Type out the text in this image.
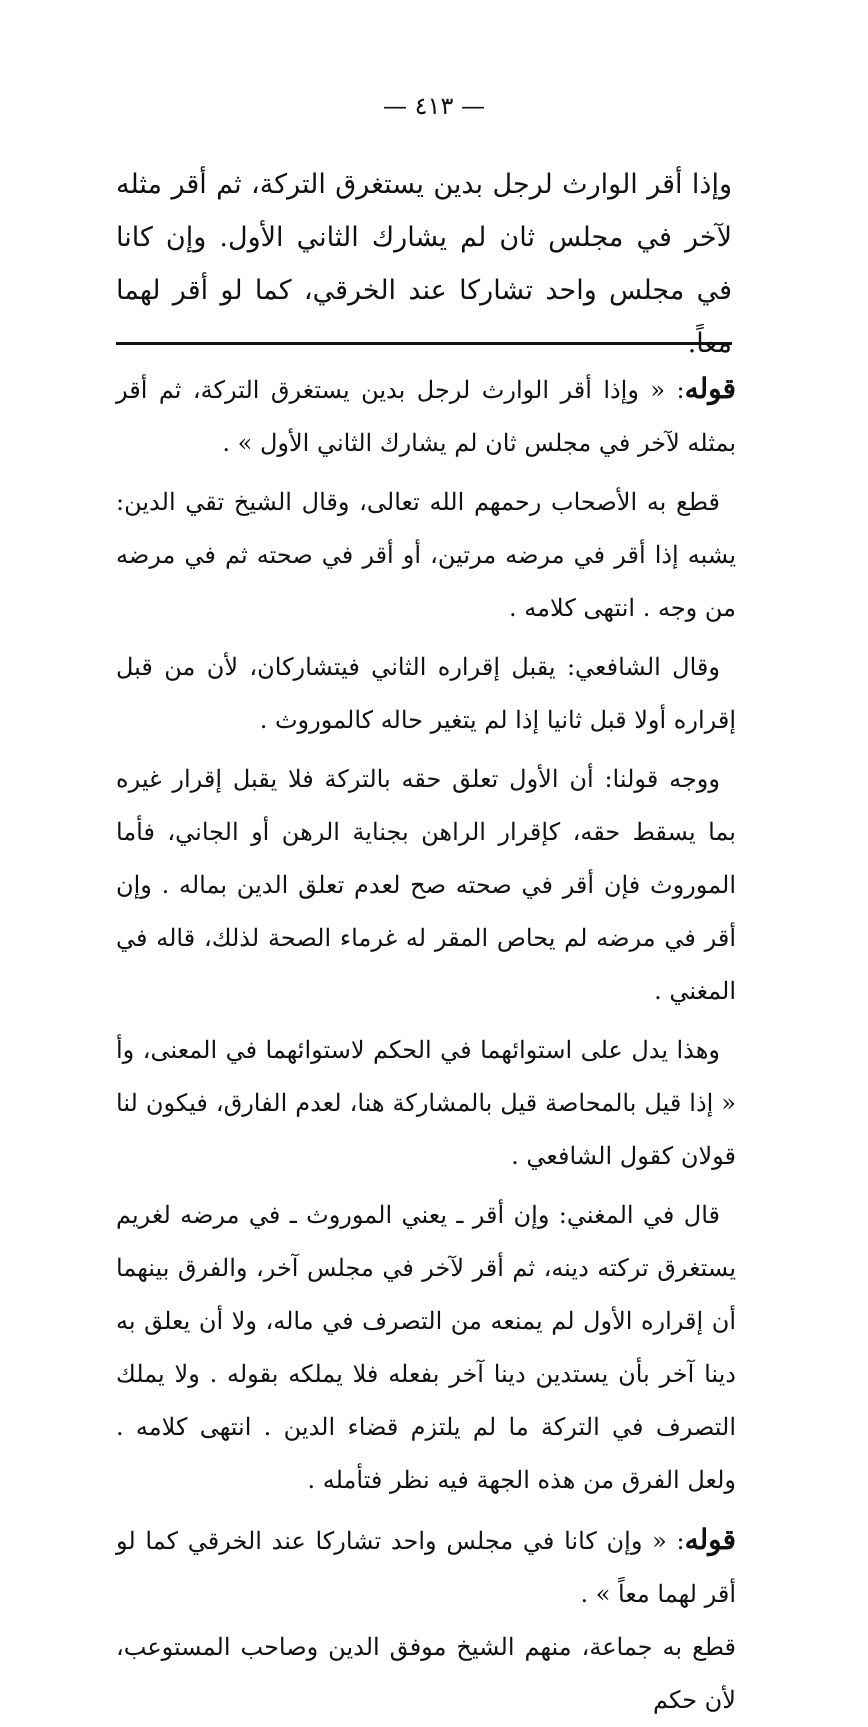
— ٤١٣ —

وإذا أقر الوارث لرجل بدين يستغرق التركة، ثم أقر مثله لآخر في مجلس ثان لم يشارك الثاني الأول. وإن كانا في مجلس واحد تشاركا عند الخرقي، كما لو أقر لهما معاً.

قوله: « وإذا أقر الوارث لرجل بدين يستغرق التركة، ثم أقر بمثله لآخر في مجلس ثان لم يشارك الثاني الأول » .

قطع به الأصحاب رحمهم الله تعالى، وقال الشيخ تقي الدين: يشبه إذا أقر في مرضه مرتين، أو أقر في صحته ثم في مرضه من وجه . انتهى كلامه .

وقال الشافعي: يقبل إقراره الثاني فيتشاركان، لأن من قبل إقراره أولا قبل ثانيا إذا لم يتغير حاله كالموروث .

ووجه قولنا: أن الأول تعلق حقه بالتركة فلا يقبل إقرار غيره بما يسقط حقه، كإقرار الراهن بجناية الرهن أو الجاني، فأما الموروث فإن أقر في صحته صح لعدم تعلق الدين بماله . وإن أقر في مرضه لم يحاص المقر له غرماء الصحة لذلك، قاله في المغني .

وهذا يدل على استوائهما في الحكم لاستوائهما في المعنى، وأ « إذا قيل بالمحاصة قيل بالمشاركة هنا، لعدم الفارق، فيكون لنا قولان كقول الشافعي .

قال في المغني: وإن أقر ـ يعني الموروث ـ في مرضه لغريم يستغرق تركته دينه، ثم أقر لآخر في مجلس آخر، والفرق بينهما أن إقراره الأول لم يمنعه من التصرف في ماله، ولا أن يعلق به دينا آخر بأن يستدين دينا آخر بفعله فلا يملكه بقوله . ولا يملك التصرف في التركة ما لم يلتزم قضاء الدين . انتهى كلامه . ولعل الفرق من هذه الجهة فيه نظر فتأمله .

قوله: « وإن كانا في مجلس واحد تشاركا عند الخرقي كما لو أقر لهما معاً » .

قطع به جماعة، منهم الشيخ موفق الدين وصاحب المستوعب، لأن حكم
